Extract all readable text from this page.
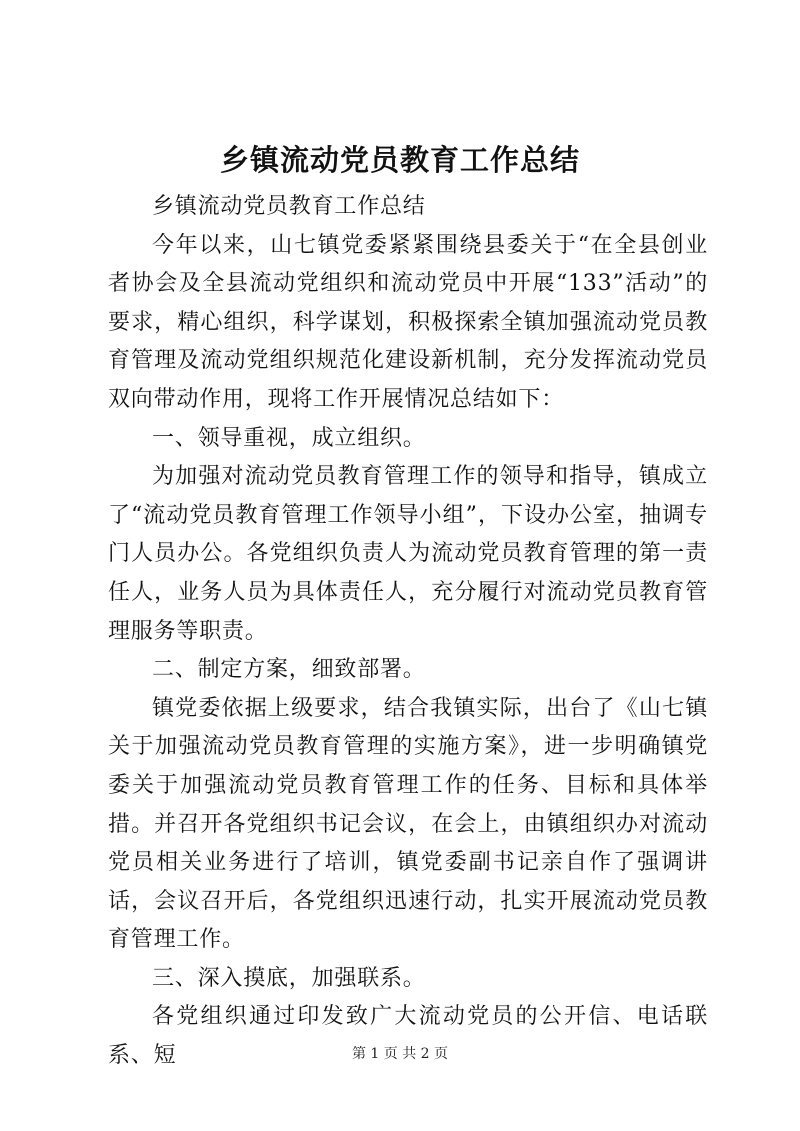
乡镇流动党员教育工作总结

乡镇流动党员教育工作总结

今年以来，山七镇党委紧紧围绕县委关于“在全县创业者协会及全县流动党组织和流动党员中开展“133”活动”的要求，精心组织，科学谋划，积极探索全镇加强流动党员教育管理及流动党组织规范化建设新机制，充分发挥流动党员双向带动作用，现将工作开展情况总结如下：

一、领导重视，成立组织。

为加强对流动党员教育管理工作的领导和指导，镇成立了“流动党员教育管理工作领导小组”，下设办公室，抽调专门人员办公。各党组织负责人为流动党员教育管理的第一责任人，业务人员为具体责任人，充分履行对流动党员教育管理服务等职责。

二、制定方案，细致部署。

镇党委依据上级要求，结合我镇实际，出台了《山七镇关于加强流动党员教育管理的实施方案》，进一步明确镇党委关于加强流动党员教育管理工作的任务、目标和具体举措。并召开各党组织书记会议，在会上，由镇组织办对流动党员相关业务进行了培训，镇党委副书记亲自作了强调讲话，会议召开后，各党组织迅速行动，扎实开展流动党员教育管理工作。

三、深入摸底，加强联系。

各党组织通过印发致广大流动党员的公开信、电话联系、短	第 1 页 共 2 页
